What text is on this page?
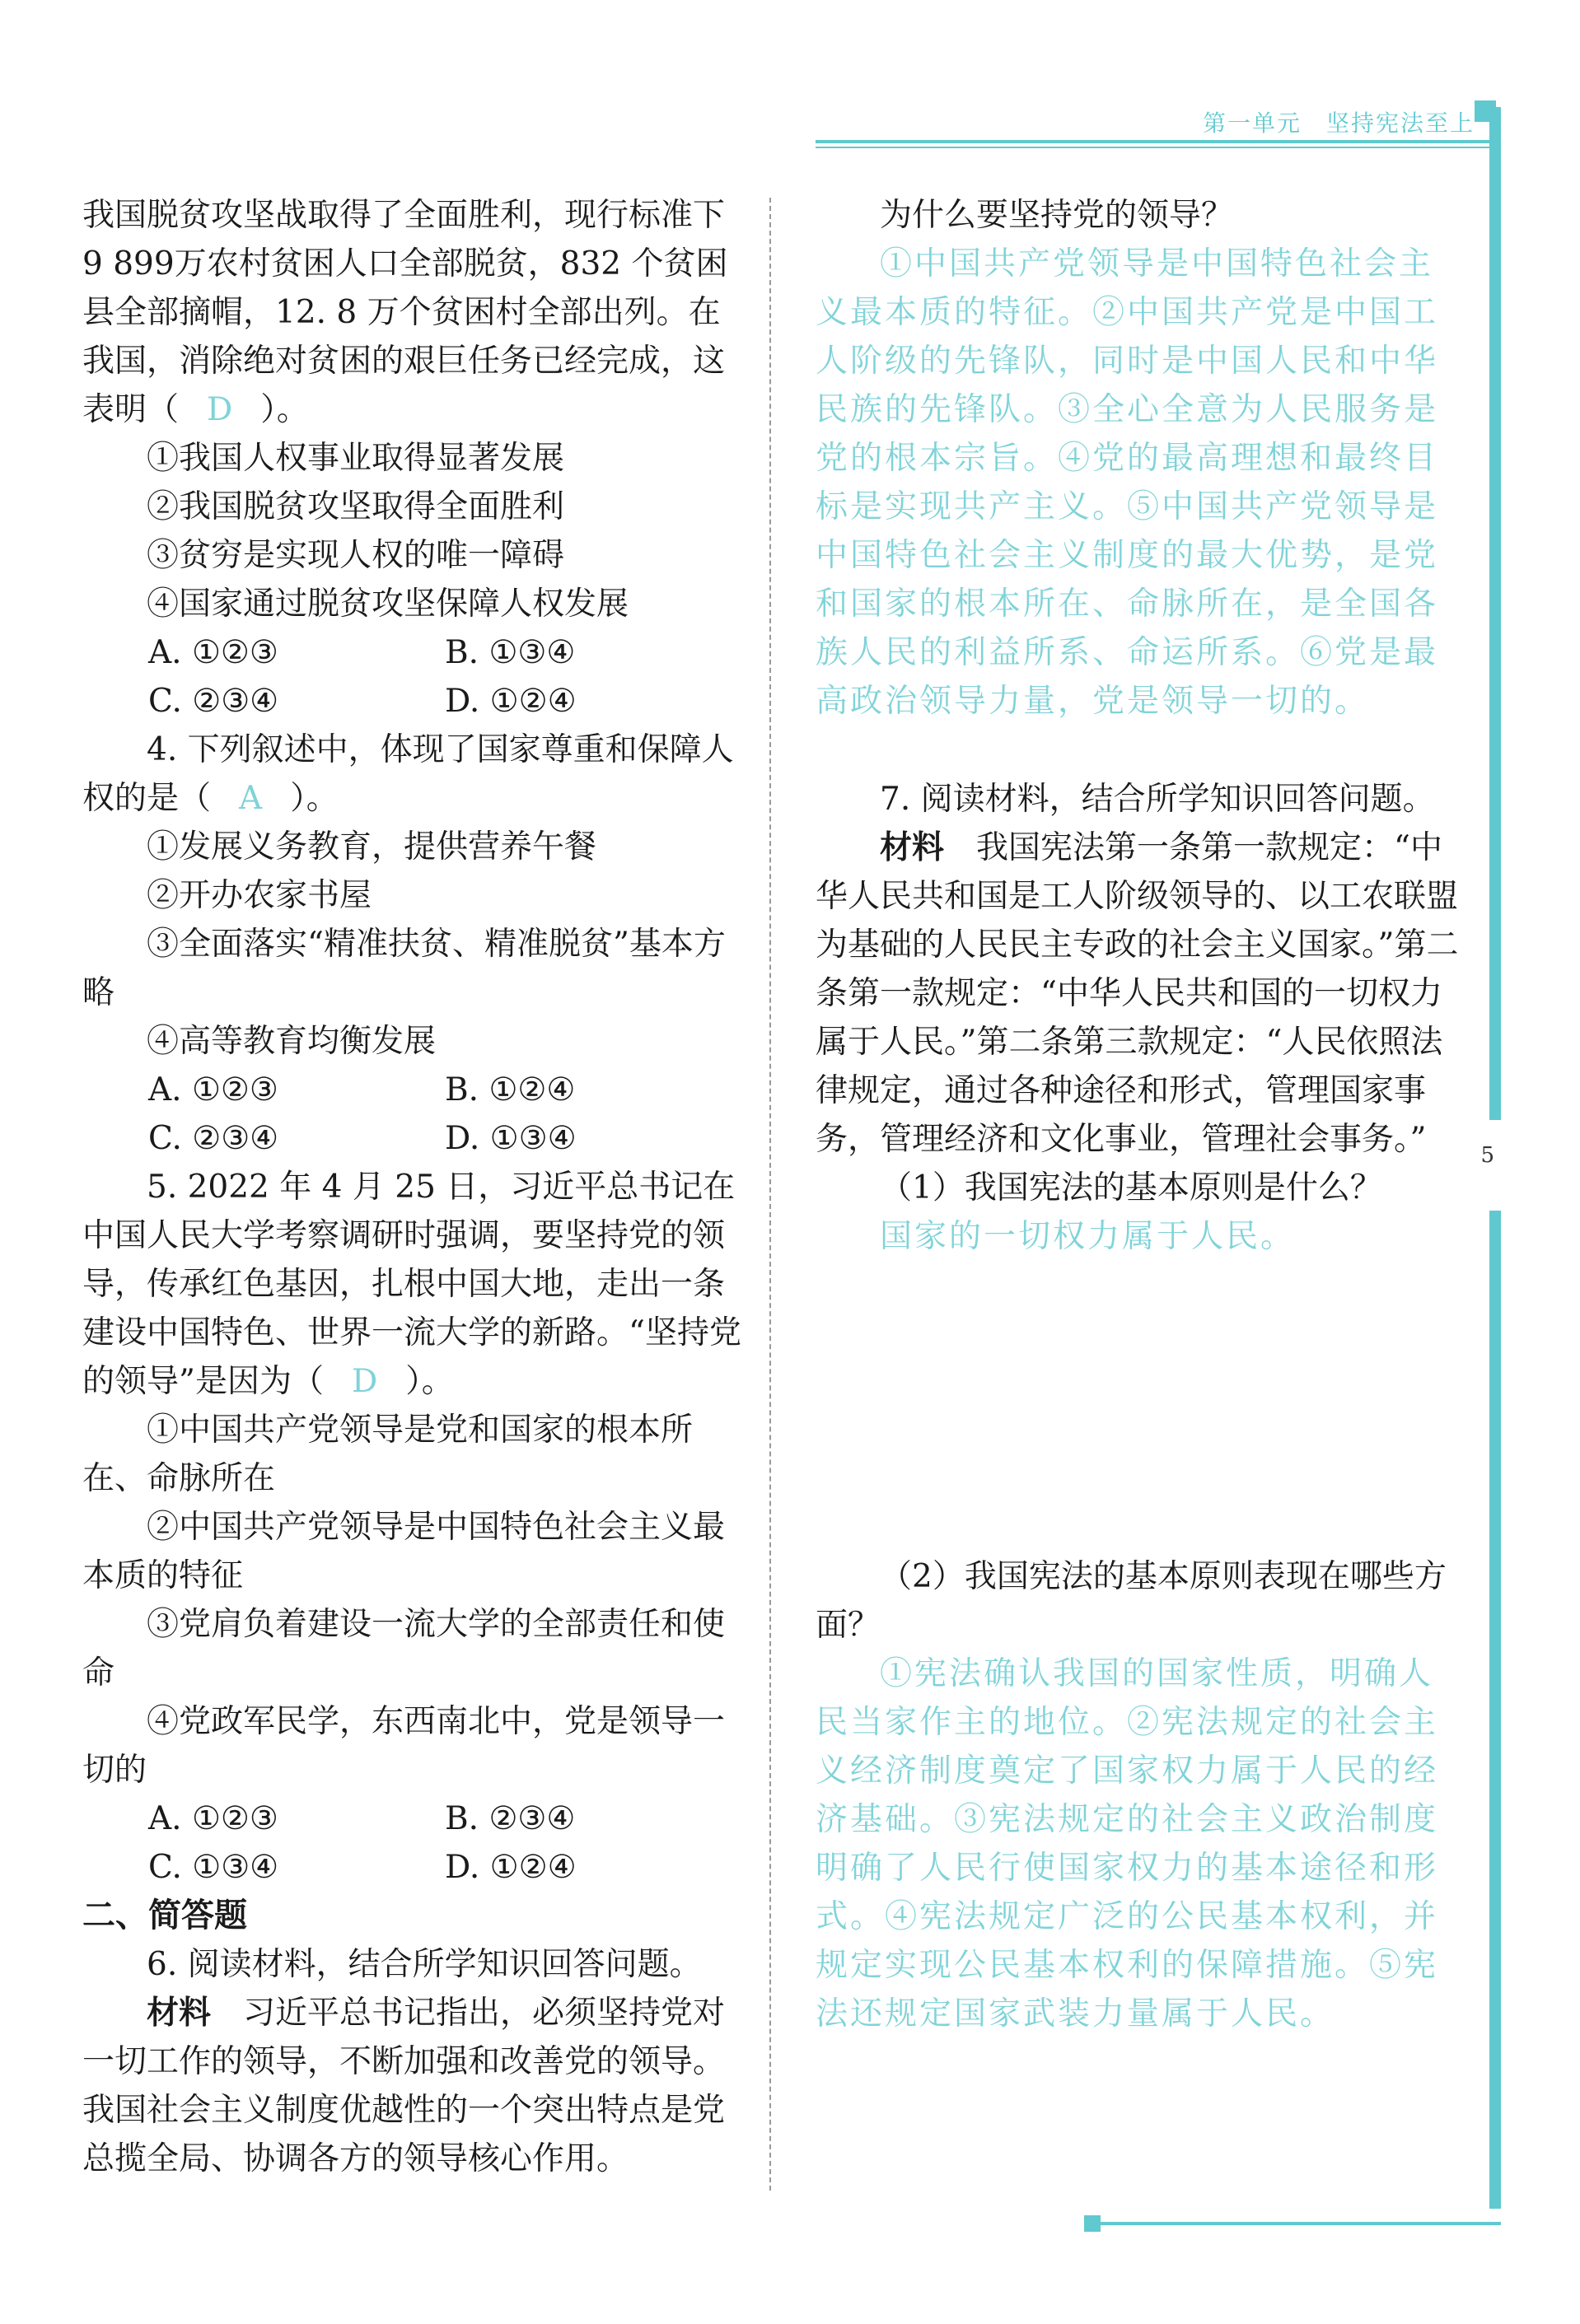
第一单元　坚持宪法至上
5

我国脱贫攻坚战取得了全面胜利，现行标准下9 899万农村贫困人口全部脱贫，832 个贫困县全部摘帽，12. 8 万个贫困村全部出列。在我国，消除绝对贫困的艰巨任务已经完成，这表明（ D ）。

①我国人权事业取得显著发展

②我国脱贫攻坚取得全面胜利

③贫穷是实现人权的唯一障碍

④国家通过脱贫攻坚保障人权发展

A. ①②③	B. ①③④
C. ②③④	D. ①②④

4. 下列叙述中，体现了国家尊重和保障人权的是（ A ）。

①发展义务教育，提供营养午餐

②开办农家书屋

③全面落实“精准扶贫、精准脱贫”基本方略

④高等教育均衡发展

A. ①②③	B. ①②④
C. ②③④	D. ①③④

5. 2022 年 4 月 25 日，习近平总书记在中国人民大学考察调研时强调，要坚持党的领导，传承红色基因，扎根中国大地，走出一条建设中国特色、世界一流大学的新路。“坚持党的领导”是因为（ D ）。

①中国共产党领导是党和国家的根本所在、命脉所在

②中国共产党领导是中国特色社会主义最本质的特征

③党肩负着建设一流大学的全部责任和使命

④党政军民学，东西南北中，党是领导一切的

A. ①②③	B. ②③④
C. ①③④	D. ①②④

二、简答题

6. 阅读材料，结合所学知识回答问题。

材料　 习近平总书记指出，必须坚持党对一切工作的领导，不断加强和改善党的领导。我国社会主义制度优越性的一个突出特点是党总揽全局、协调各方的领导核心作用。

为什么要坚持党的领导？

①中国共产党领导是中国特色社会主义最本质的特征。②中国共产党是中国工人阶级的先锋队，同时是中国人民和中华民族的先锋队。③全心全意为人民服务是党的根本宗旨。④党的最高理想和最终目标是实现共产主义。⑤中国共产党领导是中国特色社会主义制度的最大优势，是党和国家的根本所在、命脉所在，是全国各族人民的利益所系、命运所系。⑥党是最高政治领导力量，党是领导一切的。

7. 阅读材料，结合所学知识回答问题。

材料　 我国宪法第一条第一款规定：“中华人民共和国是工人阶级领导的、以工农联盟为基础的人民民主专政的社会主义国家。”第二条第一款规定：“中华人民共和国的一切权力属于人民。”第二条第三款规定：“人民依照法律规定，通过各种途径和形式，管理国家事务，管理经济和文化事业，管理社会事务。”

（1）我国宪法的基本原则是什么？

国家的一切权力属于人民。

（2）我国宪法的基本原则表现在哪些方面？

①宪法确认我国的国家性质，明确人民当家作主的地位。②宪法规定的社会主义经济制度奠定了国家权力属于人民的经济基础。③宪法规定的社会主义政治制度明确了人民行使国家权力的基本途径和形式。④宪法规定广泛的公民基本权利，并规定实现公民基本权利的保障措施。⑤宪法还规定国家武装力量属于人民。
